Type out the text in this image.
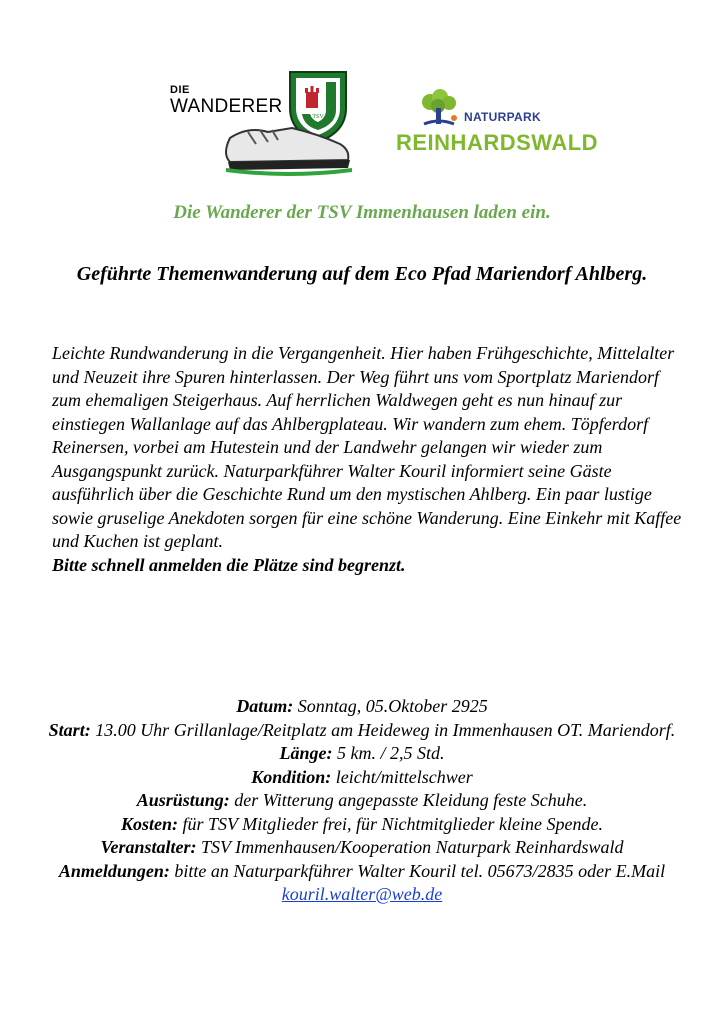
TSV
DIE
WANDERER	NATURPARK
REINHARDSWALD
Die Wanderer der TSV Immenhausen laden ein.
Geführte Themenwanderung auf dem Eco Pfad Mariendorf Ahlberg.
Leichte Rundwanderung in die Vergangenheit. Hier haben Frühgeschichte, Mittelalter und Neuzeit ihre Spuren hinterlassen. Der Weg führt uns vom Sportplatz Mariendorf zum ehemaligen Steigerhaus. Auf herrlichen Waldwegen geht es nun hinauf zur einstiegen Wallanlage auf das Ahlbergplateau. Wir wandern zum ehem. Töpferdorf Reinersen, vorbei am Hutestein und der Landwehr gelangen wir wieder zum Ausgangspunkt zurück. Naturparkführer Walter Kouril informiert seine Gäste ausführlich über die Geschichte Rund um den mystischen Ahlberg. Ein paar lustige sowie gruselige Anekdoten sorgen für eine schöne Wanderung. Eine Einkehr mit Kaffee und Kuchen ist geplant.
Bitte schnell anmelden die Plätze sind begrenzt.
Datum: Sonntag, 05.Oktober 2925
Start: 13.00 Uhr Grillanlage/Reitplatz am Heideweg in Immenhausen OT. Mariendorf.
Länge: 5 km. / 2,5 Std.
Kondition: leicht/mittelschwer
Ausrüstung: der Witterung angepasste Kleidung feste Schuhe.
Kosten: für TSV Mitglieder frei, für Nichtmitglieder kleine Spende.
Veranstalter: TSV Immenhausen/Kooperation Naturpark Reinhardswald
Anmeldungen: bitte an Naturparkführer Walter Kouril tel. 05673/2835 oder E.Mail kouril.walter@web.de
